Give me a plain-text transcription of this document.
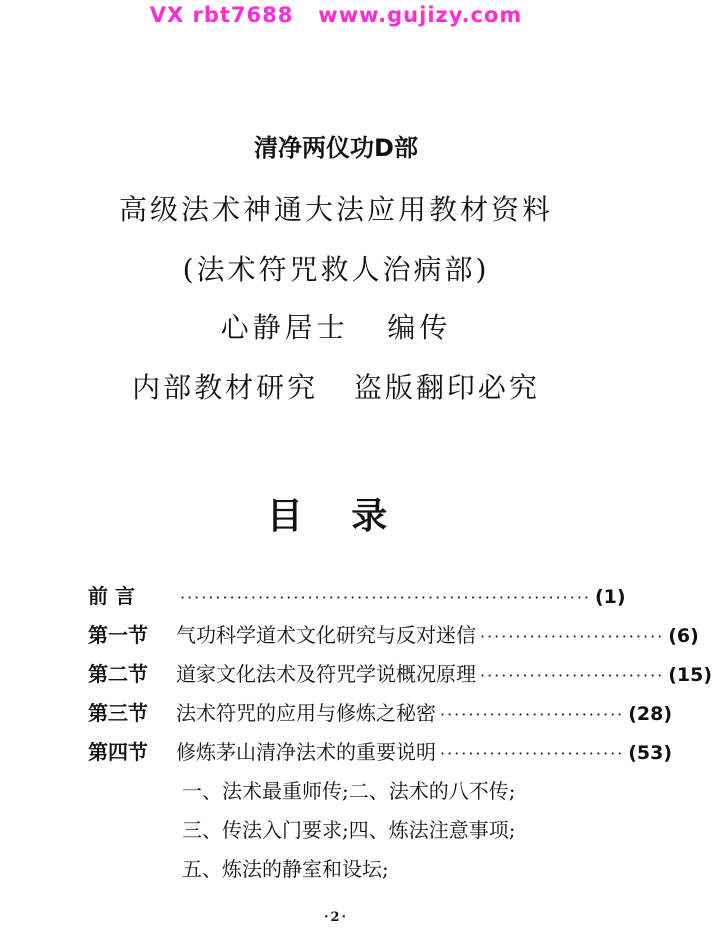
VX rbt7688   www.gujizy.com
清净两仪功D部
高级法术神通大法应用教材资料
(法术符咒救人治病部)
心静居士   编传
内部教材研究   盗版翻印必究
目 录
前 言	·························································· (1)
第一节	气功科学道术文化研究与反对迷信 ·························· (6)
第二节	道家文化法术及符咒学说概况原理 ·························· (15)
第三节	法术符咒的应用与修炼之秘密 ·························· (28)
第四节	修炼茅山清净法术的重要说明 ·························· (53)
一、法术最重师传;二、法术的八不传;
三、传法入门要求;四、炼法注意事项;
五、炼法的静室和设坛;
·2·
